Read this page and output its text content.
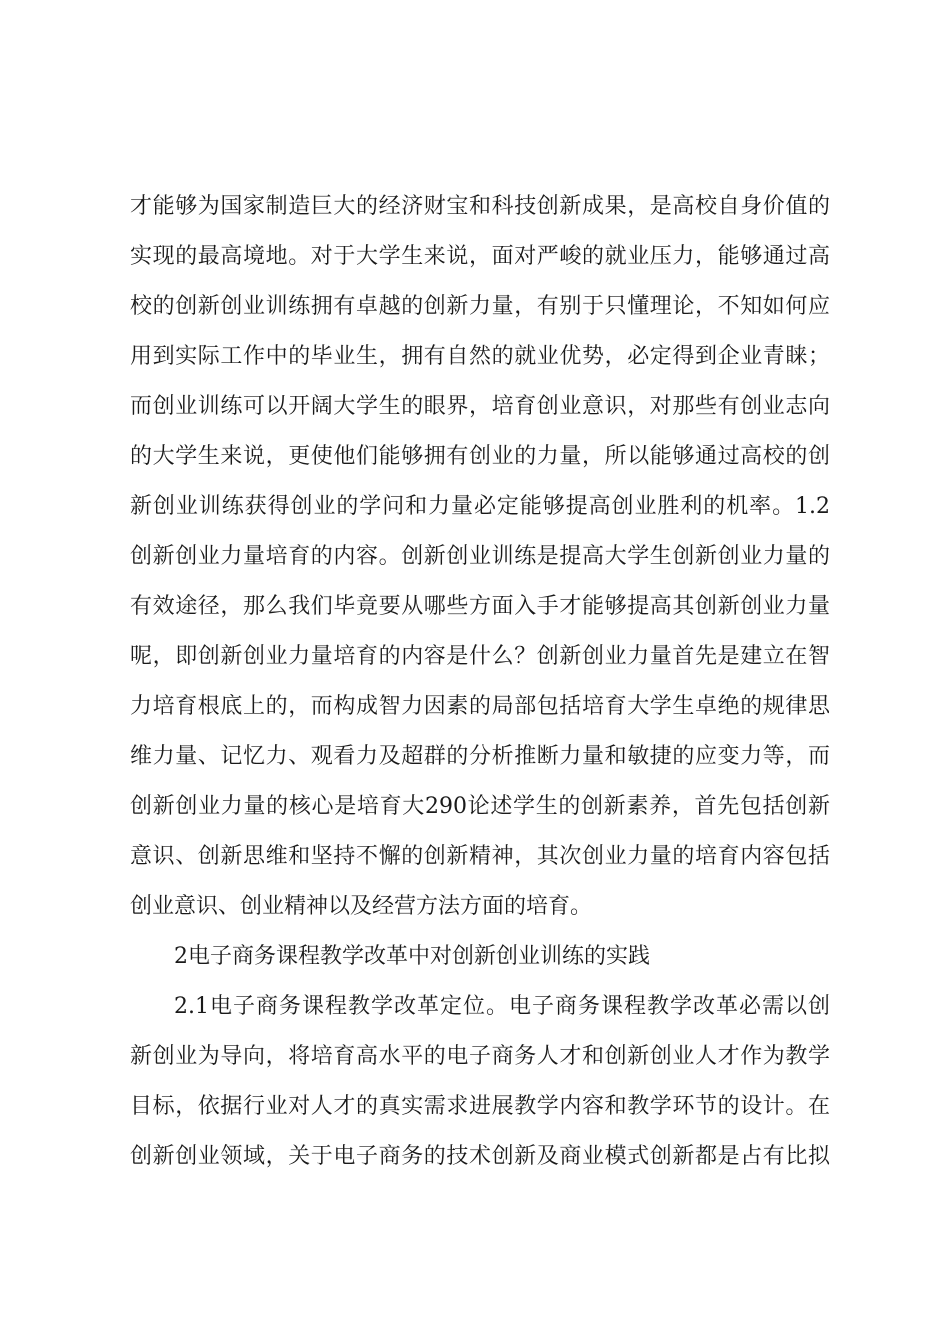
才能够为国家制造巨大的经济财宝和科技创新成果，是高校自身价值的
实现的最高境地。对于大学生来说，面对严峻的就业压力，能够通过高
校的创新创业训练拥有卓越的创新力量，有别于只懂理论，不知如何应
用到实际工作中的毕业生，拥有自然的就业优势，必定得到企业青睐；
而创业训练可以开阔大学生的眼界，培育创业意识，对那些有创业志向
的大学生来说，更使他们能够拥有创业的力量，所以能够通过高校的创
新创业训练获得创业的学问和力量必定能够提高创业胜利的机率。1.2
创新创业力量培育的内容。创新创业训练是提高大学生创新创业力量的
有效途径，那么我们毕竟要从哪些方面入手才能够提高其创新创业力量
呢，即创新创业力量培育的内容是什么？创新创业力量首先是建立在智
力培育根底上的，而构成智力因素的局部包括培育大学生卓绝的规律思
维力量、记忆力、观看力及超群的分析推断力量和敏捷的应变力等，而
创新创业力量的核心是培育大290论述学生的创新素养，首先包括创新
意识、创新思维和坚持不懈的创新精神，其次创业力量的培育内容包括
创业意识、创业精神以及经营方法方面的培育。
2电子商务课程教学改革中对创新创业训练的实践
2.1电子商务课程教学改革定位。电子商务课程教学改革必需以创
新创业为导向，将培育高水平的电子商务人才和创新创业人才作为教学
目标，依据行业对人才的真实需求进展教学内容和教学环节的设计。在
创新创业领域，关于电子商务的技术创新及商业模式创新都是占有比拟
